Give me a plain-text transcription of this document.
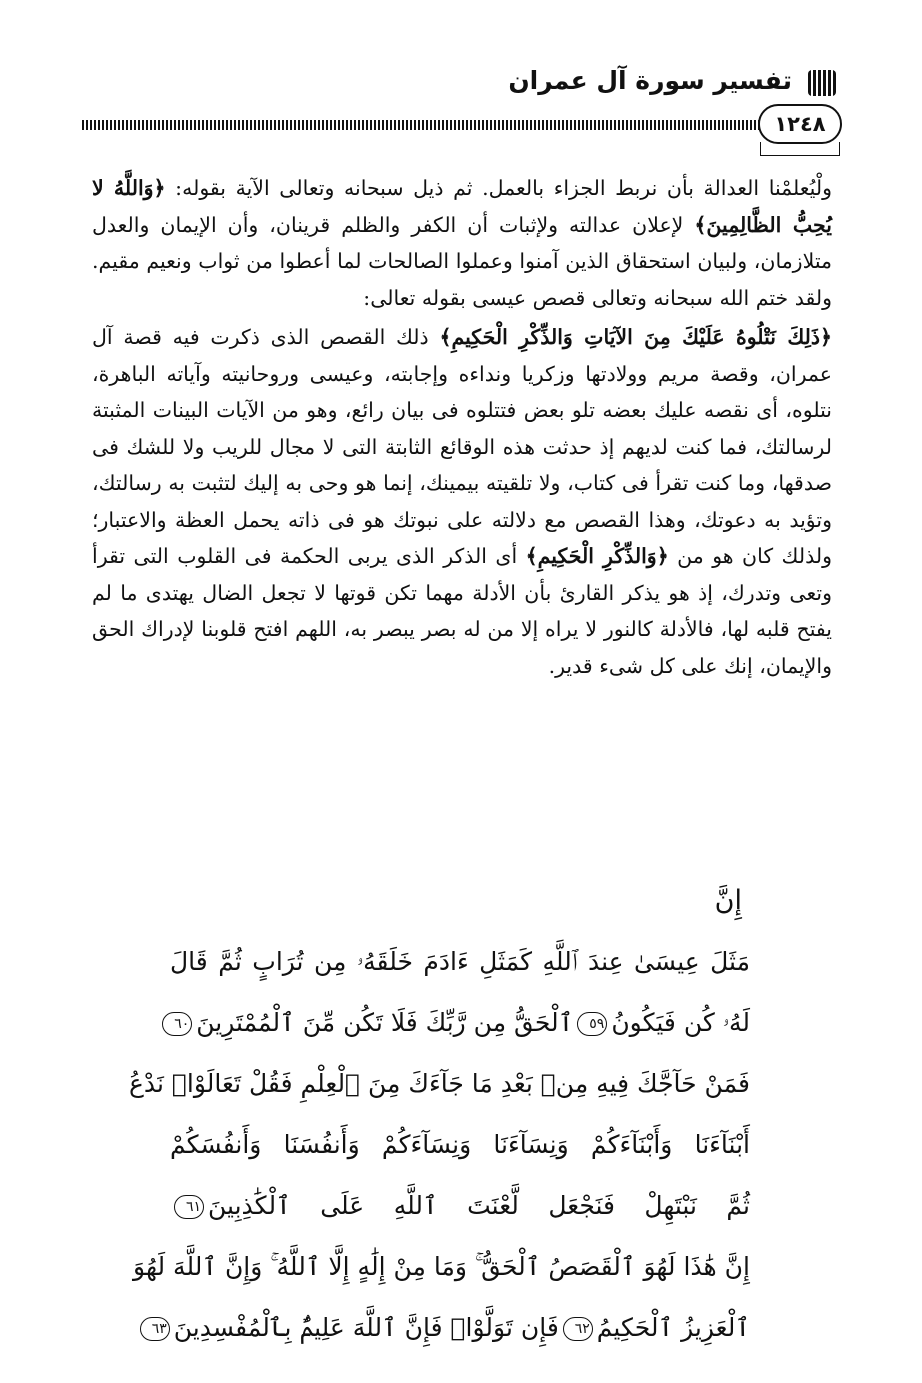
تفسير سورة آل عمران
١٢٤٨

ولْيُعلمْنا العدالة بأن نربط الجزاء بالعمل. ثم ذيل سبحانه وتعالى الآية بقوله: ﴿وَاللَّهُ لا يُحِبُّ الظَّالِمِينَ﴾ لإعلان عدالته ولإثبات أن الكفر والظلم قرينان، وأن الإيمان والعدل متلازمان، ولبيان استحقاق الذين آمنوا وعملوا الصالحات لما أعطوا من ثواب ونعيم مقيم. ولقد ختم الله سبحانه وتعالى قصص عيسى بقوله تعالى:

﴿ذَلِكَ نَتْلُوهُ عَلَيْكَ مِنَ الآيَاتِ وَالذِّكْرِ الْحَكِيمِ﴾ ذلك القصص الذى ذكرت فيه قصة آل عمران، وقصة مريم وولادتها وزكريا ونداءه وإجابته، وعيسى وروحانيته وآياته الباهرة، نتلوه، أى نقصه عليك بعضه تلو بعض فتتلوه فى بيان رائع، وهو من الآيات البينات المثبتة لرسالتك، فما كنت لديهم إذ حدثت هذه الوقائع الثابتة التى لا مجال للريب ولا للشك فى صدقها، وما كنت تقرأ فى كتاب، ولا تلقيته بيمينك، إنما هو وحى به إليك لتثبت به رسالتك، وتؤيد به دعوتك، وهذا القصص مع دلالته على نبوتك هو فى ذاته يحمل العظة والاعتبار؛ ولذلك كان هو من ﴿وَالذِّكْرِ الْحَكِيمِ﴾ أى الذكر الذى يربى الحكمة فى القلوب التى تقرأ وتعى وتدرك، إذ هو يذكر القارئ بأن الأدلة مهما تكن قوتها لا تجعل الضال يهتدى ما لم يفتح قلبه لها، فالأدلة كالنور لا يراه إلا من له بصر يبصر به، اللهم افتح قلوبنا لإدراك الحق والإيمان، إنك على كل شىء قدير.

إِنَّ
مَثَلَ عِيسَىٰ عِندَ ٱللَّهِ كَمَثَلِ ءَادَمَ خَلَقَهُۥ مِن تُرَابٍ ثُمَّ قَالَ
لَهُۥ كُن فَيَكُونُ٥٩ٱلْحَقُّ مِن رَّبِّكَ فَلَا تَكُن مِّنَ ٱلْمُمْتَرِينَ٦٠
فَمَنْ حَآجَّكَ فِيهِ مِنۢ بَعْدِ مَا جَآءَكَ مِنَ ٱلْعِلْمِ فَقُلْ تَعَالَوْا۟ نَدْعُ
أَبْنَآءَنَا وَأَبْنَآءَكُمْ وَنِسَآءَنَا وَنِسَآءَكُمْ وَأَنفُسَنَا وَأَنفُسَكُمْ
ثُمَّ نَبْتَهِلْ فَنَجْعَل لَّعْنَتَ ٱللَّهِ عَلَى ٱلْكَٰذِبِينَ٦١
إِنَّ هَٰذَا لَهُوَ ٱلْقَصَصُ ٱلْحَقُّ ۚ وَمَا مِنْ إِلَٰهٍ إِلَّا ٱللَّهُ ۚ وَإِنَّ ٱللَّهَ لَهُوَ
ٱلْعَزِيزُ ٱلْحَكِيمُ٦٢فَإِن تَوَلَّوْا۟ فَإِنَّ ٱللَّهَ عَلِيمٌۢ بِٱلْمُفْسِدِينَ٦٣
